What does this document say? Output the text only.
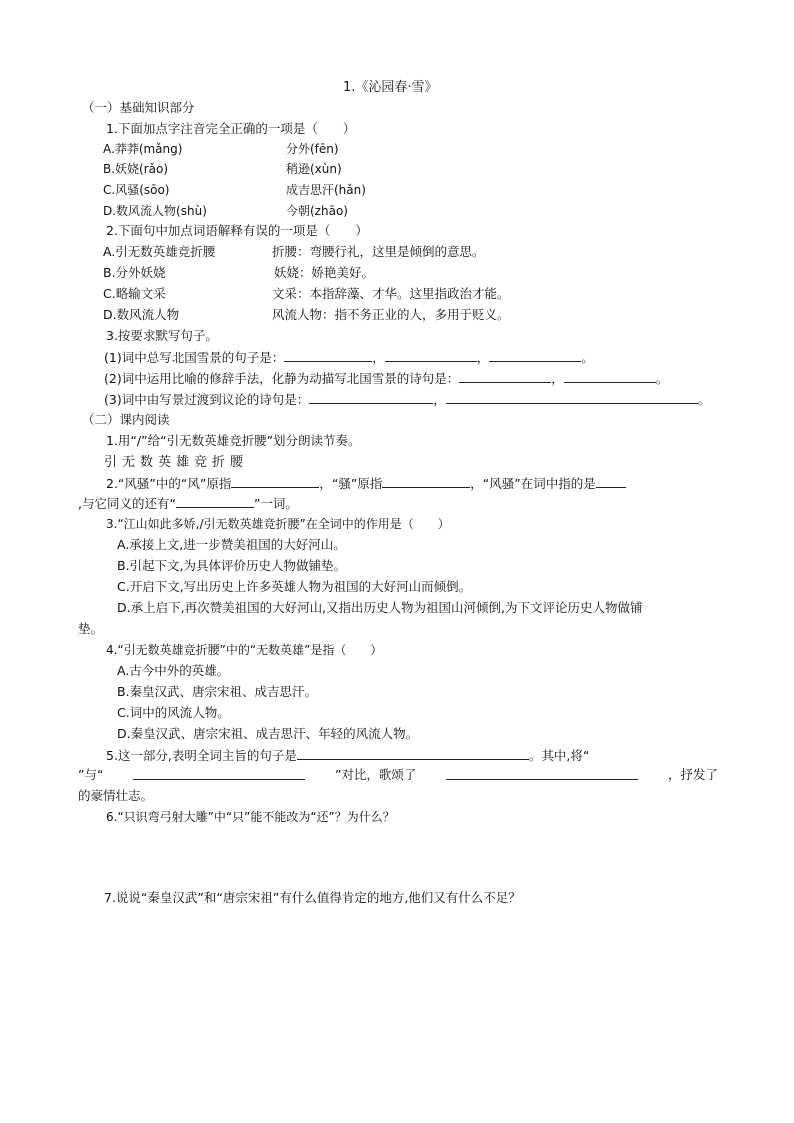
1.《沁园春·雪》
（一）基础知识部分
1.下面加点字注音完全正确的一项是（　　）
A.莽莽(mǎng)	分外(fēn)
B.妖娆(rǎo)	稍逊(xùn)
C.风骚(sōo)	成吉思汗(hǎn)
D.数风流人物(shù)	今朝(zhāo)
2.下面句中加点词语解释有误的一项是（　　）
A.引无数英雄竞折腰	折腰：弯腰行礼，这里是倾倒的意思。
B.分外妖娆	妖娆：娇艳美好。
C.略输文采	文采：本指辞藻、才华。这里指政治才能。
D.数风流人物	风流人物：指不务正业的人，多用于贬义。
3.按要求默写句子。
(1)词中总写北国雪景的句子是：	，	，	。
(2)词中运用比喻的修辞手法，化静为动描写北国雪景的诗句是：	，	。
(3)词中由写景过渡到议论的诗句是：	，	。
（二）课内阅读
1.用“/”给“引无数英雄竞折腰”划分朗读节奏。
引无数英雄竞折腰
2.“风骚”中的“风”原指	，“骚”原指	，“风骚”在词中指的是
,与它同义的还有“	”一词。
3.“江山如此多娇,/引无数英雄竞折腰”在全词中的作用是（　　）
A.承接上文,进一步赞美祖国的大好河山。
B.引起下文,为具体评价历史人物做铺垫。
C.开启下文,写出历史上许多英雄人物为祖国的大好河山而倾倒。
D.承上启下,再次赞美祖国的大好河山,又指出历史人物为祖国山河倾倒,为下文评论历史人物做铺
垫。
4.“引无数英雄竞折腰”中的“无数英雄”是指（　　）
A.古今中外的英雄。
B.秦皇汉武、唐宗宋祖、成吉思汗。
C.词中的风流人物。
D.秦皇汉武、唐宗宋祖、成吉思汗、年轻的风流人物。
5.这一部分,表明全词主旨的句子是	。其中,将“
”与“	”对比，歌颂了	，抒发了
的豪情壮志。
6.“只识弯弓射大雕”中“只”能不能改为“还”？为什么？
7.说说“秦皇汉武”和“唐宗宋祖”有什么值得肯定的地方,他们又有什么不足？
